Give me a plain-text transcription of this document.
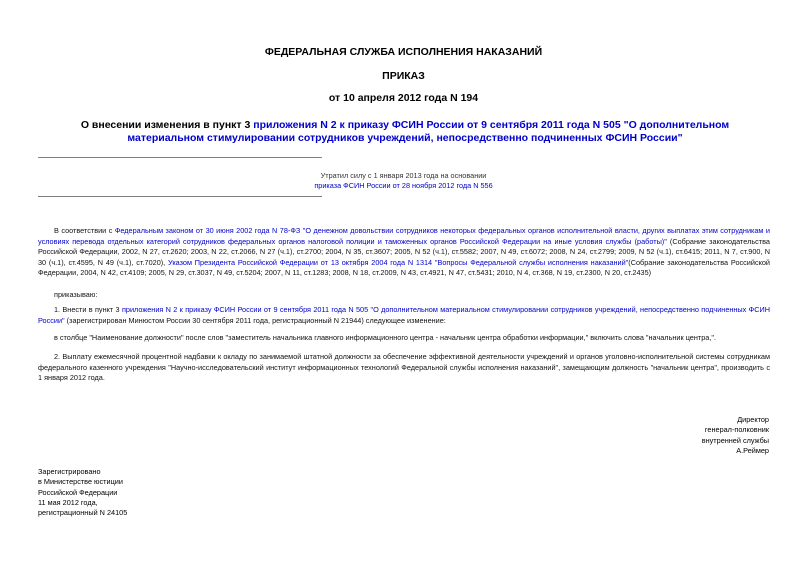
ФЕДЕРАЛЬНАЯ СЛУЖБА ИСПОЛНЕНИЯ НАКАЗАНИЙ
ПРИКАЗ
от 10 апреля 2012 года N 194
О внесении изменения в пункт 3 приложения N 2 к приказу ФСИН России от 9 сентября 2011 года N 505 "О дополнительном материальном стимулировании сотрудников учреждений, непосредственно подчиненных ФСИН России"
Утратил силу с 1 января 2013 года на основании
приказа ФСИН России от 28 ноября 2012 года N 556
В соответствии с Федеральным законом от 30 июня 2002 года N 78-ФЗ "О денежном довольствии сотрудников некоторых федеральных органов исполнительной власти, других выплатах этим сотрудникам и условиях перевода отдельных категорий сотрудников федеральных органов налоговой полиции и таможенных органов Российской Федерации на иные условия службы (работы)" (Собрание законодательства Российской Федерации, 2002, N 27, ст.2620; 2003, N 22, ст.2066, N 27 (ч.1), ст.2700; 2004, N 35, ст.3607; 2005, N 52 (ч.1), ст.5582; 2007, N 49, ст.6072; 2008, N 24, ст.2799; 2009, N 52 (ч.1), ст.6415; 2011, N 7, ст.900, N 30 (ч.1), ст.4595, N 49 (ч.1), ст.7020), Указом Президента Российской Федерации от 13 октября 2004 года N 1314 "Вопросы Федеральной службы исполнения наказаний"(Собрание законодательства Российской Федерации, 2004, N 42, ст.4109; 2005, N 29, ст.3037, N 49, ст.5204; 2007, N 11, ст.1283; 2008, N 18, ст.2009, N 43, ст.4921, N 47, ст.5431; 2010, N 4, ст.368, N 19, ст.2300, N 20, ст.2435)
приказываю:
1. Внести в пункт 3 приложения N 2 к приказу ФСИН России от 9 сентября 2011 года N 505 "О дополнительном материальном стимулировании сотрудников учреждений, непосредственно подчиненных ФСИН России" (зарегистрирован Минюстом России 30 сентября 2011 года, регистрационный N 21944) следующее изменение:
в столбце "Наименование должности" после слов "заместитель начальника главного информационного центра - начальник центра обработки информации," включить слова "начальник центра,".
2. Выплату ежемесячной процентной надбавки к окладу по занимаемой штатной должности за обеспечение эффективной деятельности учреждений и органов уголовно-исполнительной системы сотрудникам федерального казенного учреждения "Научно-исследовательский институт информационных технологий Федеральной службы исполнения наказаний", замещающим должность "начальник центра", производить с 1 января 2012 года.
Директор
генерал-полковник
внутренней службы
А.Реймер
Зарегистрировано
в Министерстве юстиции
Российской Федерации
11 мая 2012 года,
регистрационный N 24105
